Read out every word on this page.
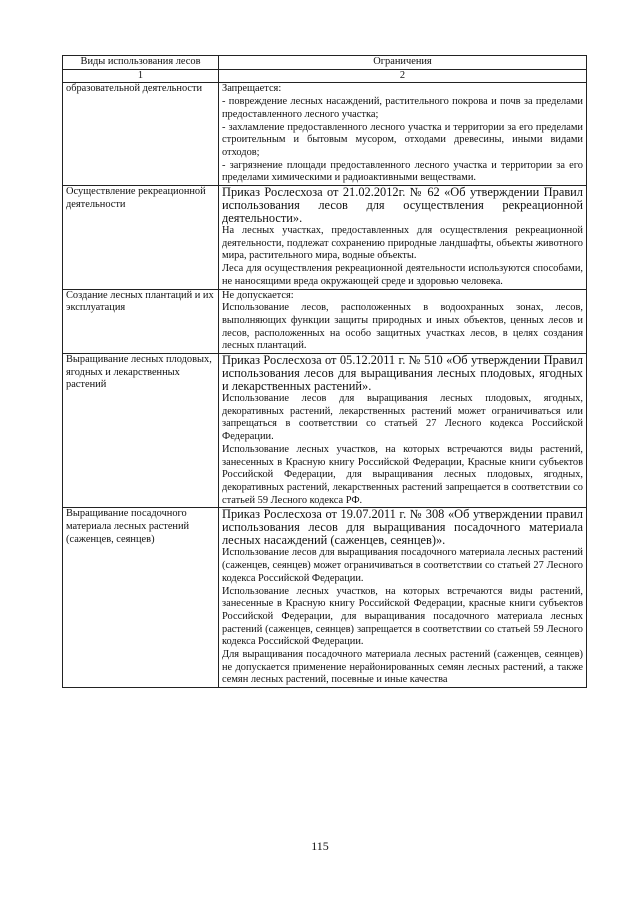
Виды использования лесов	Ограничения
1	2
образовательной деятельности	Запрещается:

- повреждение лесных насаждений, растительного покрова и почв за пределами предоставленного лесного участка;

- захламление предоставленного лесного участка и территории за его пределами строительным и бытовым мусором, отходами древесины, иными видами отходов;

- загрязнение площади предоставленного лесного участка и территории за его пределами химическими и радиоактивными веществами.

Осуществление рекреационной деятельности	Приказ Рослесхоза от 21.02.2012г. № 62 «Об утверждении Правил использования лесов для осуществления рекреационной деятельности».

На лесных участках, предоставленных для осуществления рекреационной деятельности, подлежат сохранению природные ландшафты, объекты животного мира, растительного мира, водные объекты.

Леса для осуществления рекреационной деятельности используются способами, не наносящими вреда окружающей среде и здоровью человека.

Создание лесных плантаций и их эксплуатация	Не допускается:

Использование лесов, расположенных в водоохранных зонах, лесов, выполняющих функции защиты природных и иных объектов, ценных лесов и лесов, расположенных на особо защитных участках лесов, в целях создания лесных плантаций.

Выращивание лесных плодовых, ягодных и лекарственных растений	Приказ Рослесхоза от 05.12.2011 г. № 510 «Об утверждении Правил использования лесов для выращивания лесных плодовых, ягодных и лекарственных растений».

Использование лесов для выращивания лесных плодовых, ягодных, декоративных растений, лекарственных растений может ограничиваться или запрещаться в соответствии со статьей 27 Лесного кодекса Российской Федерации.

Использование лесных участков, на которых встречаются виды растений, занесенных в Красную книгу Российской Федерации, Красные книги субъектов Российской Федерации, для выращивания лесных плодовых, ягодных, декоративных растений, лекарственных растений запрещается в соответствии со статьей 59 Лесного кодекса РФ.

Выращивание посадочного материала лесных растений (саженцев, сеянцев)	Приказ Рослесхоза от 19.07.2011 г. № 308 «Об утверждении правил использования лесов для выращивания посадочного материала лесных насаждений (саженцев, сеянцев)».

Использование лесов для выращивания посадочного материала лесных растений (саженцев, сеянцев) может ограничиваться в соответствии со статьей 27 Лесного кодекса Российской Федерации.

Использование лесных участков, на которых встречаются виды растений, занесенные в Красную книгу Российской Федерации, красные книги субъектов Российской Федерации, для выращивания посадочного материала лесных растений (саженцев, сеянцев) запрещается в соответствии со статьей 59 Лесного кодекса Российской Федерации.

Для выращивания посадочного материала лесных растений (саженцев, сеянцев) не допускается применение нерайонированных семян лесных растений, а также семян лесных растений, посевные и иные качества

115
